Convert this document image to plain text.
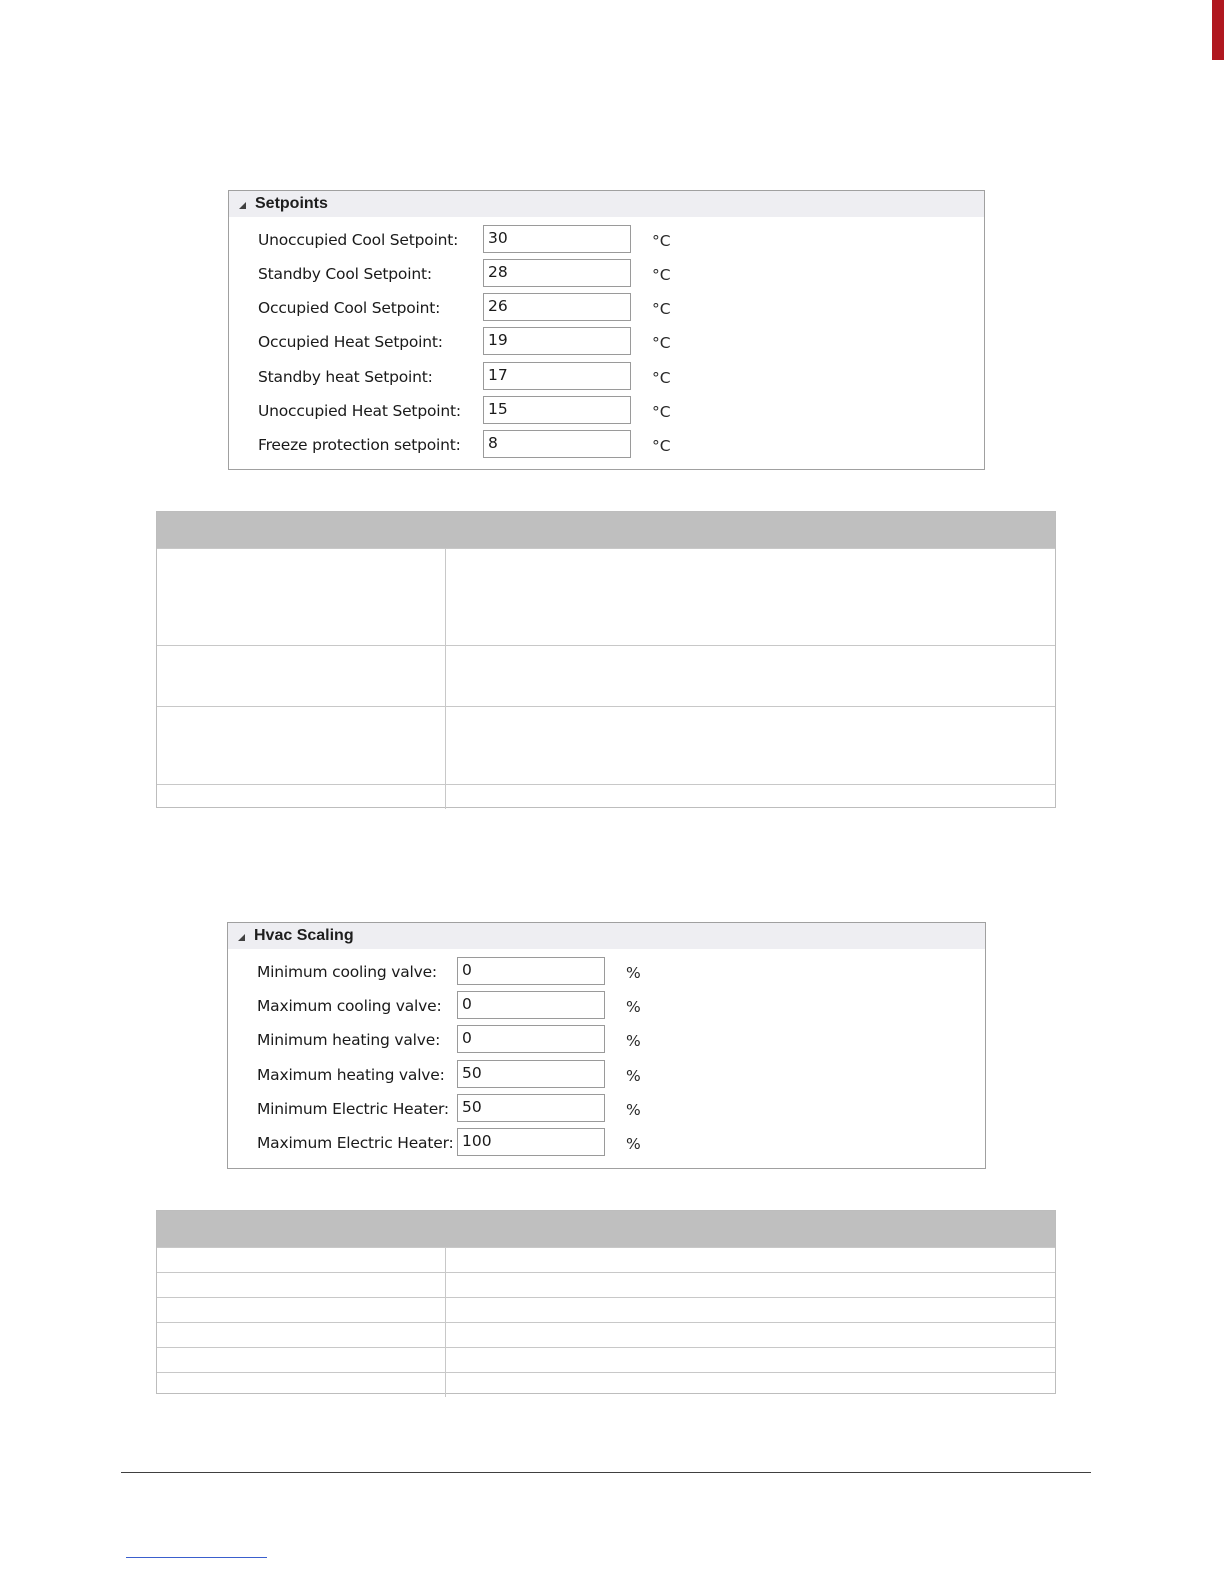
Setpoints
Unoccupied Cool Setpoint:	30	°C
Standby Cool Setpoint:	28	°C
Occupied Cool Setpoint:	26	°C
Occupied Heat Setpoint:	19	°C
Standby heat Setpoint:	17	°C
Unoccupied Heat Setpoint:	15	°C
Freeze protection setpoint:	8	°C
Hvac Scaling
Minimum cooling valve:	0	%
Maximum cooling valve:	0	%
Minimum heating valve:	0	%
Maximum heating valve:	50	%
Minimum Electric Heater: 50	%
Maximum Electric Heater: 100	%
